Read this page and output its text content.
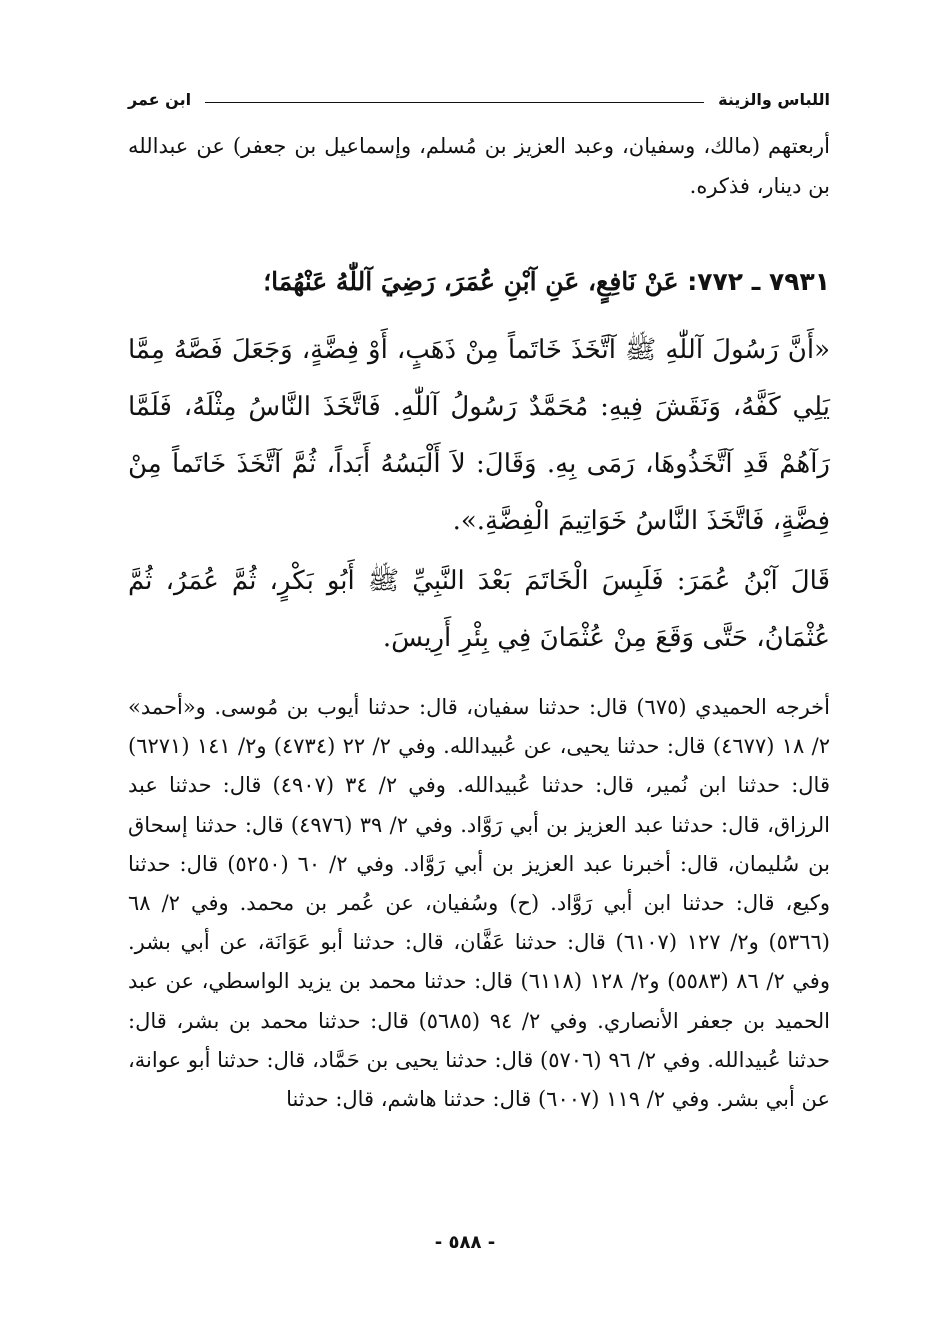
اللباس والزينة
ابن عمر
أربعتهم (مالك، وسفيان، وعبد العزيز بن مُسلم، وإسماعيل بن جعفر) عن عبدالله بن دينار، فذكره.
٧٩٣١ ـ ٧٧٢: عَنْ نَافِعٍ، عَنِ آبْنِ عُمَرَ، رَضِيَ آللّٰهُ عَنْهُمَا؛
«أَنَّ رَسُولَ آللّٰهِ ﷺ آتَّخَذَ خَاتَماً مِنْ ذَهَبٍ، أَوْ فِضَّةٍ، وَجَعَلَ فَصَّهُ مِمَّا يَلِي كَفَّهُ، وَنَقَشَ فِيهِ: مُحَمَّدٌ رَسُولُ آللّٰهِ. فَاتَّخَذَ النَّاسُ مِثْلَهُ، فَلَمَّا رَآهُمْ قَدِ آتَّخَذُوهَا، رَمَى بِهِ. وَقَالَ: لاَ أَلْبَسُهُ أَبَداً، ثُمَّ آتَّخَذَ خَاتَماً مِنْ فِضَّةٍ، فَاتَّخَذَ النَّاسُ خَوَاتِيمَ الْفِضَّةِ.».
قَالَ آبْنُ عُمَرَ: فَلَبِسَ الْخَاتَمَ بَعْدَ النَّبِيِّ ﷺ أَبُو بَكْرٍ، ثُمَّ عُمَرُ، ثُمَّ عُثْمَانُ، حَتَّى وَقَعَ مِنْ عُثْمَانَ فِي بِئْرِ أَرِيسَ.
أخرجه الحميدي (٦٧٥) قال: حدثنا سفيان، قال: حدثنا أيوب بن مُوسى. و«أحمد» ٢/ ١٨ (٤٦٧٧) قال: حدثنا يحيى، عن عُبيدالله. وفي ٢/ ٢٢ (٤٧٣٤) و٢/ ١٤١ (٦٢٧١) قال: حدثنا ابن نُمير، قال: حدثنا عُبيدالله. وفي ٢/ ٣٤ (٤٩٠٧) قال: حدثنا عبد الرزاق، قال: حدثنا عبد العزيز بن أبي رَوَّاد. وفي ٢/ ٣٩ (٤٩٧٦) قال: حدثنا إسحاق بن سُليمان، قال: أخبرنا عبد العزيز بن أبي رَوَّاد. وفي ٢/ ٦٠ (٥٢٥٠) قال: حدثنا وكيع، قال: حدثنا ابن أبي رَوَّاد. (ح) وسُفيان، عن عُمر بن محمد. وفي ٢/ ٦٨ (٥٣٦٦) و٢/ ١٢٧ (٦١٠٧) قال: حدثنا عَفَّان، قال: حدثنا أبو عَوَانَة، عن أبي بشر. وفي ٢/ ٨٦ (٥٥٨٣) و٢/ ١٢٨ (٦١١٨) قال: حدثنا محمد بن يزيد الواسطي، عن عبد الحميد بن جعفر الأنصاري. وفي ٢/ ٩٤ (٥٦٨٥) قال: حدثنا محمد بن بشر، قال: حدثنا عُبيدالله. وفي ٢/ ٩٦ (٥٧٠٦) قال: حدثنا يحيى بن حَمَّاد، قال: حدثنا أبو عوانة، عن أبي بشر. وفي ٢/ ١١٩ (٦٠٠٧) قال: حدثنا هاشم، قال: حدثنا
- ٥٨٨ -
